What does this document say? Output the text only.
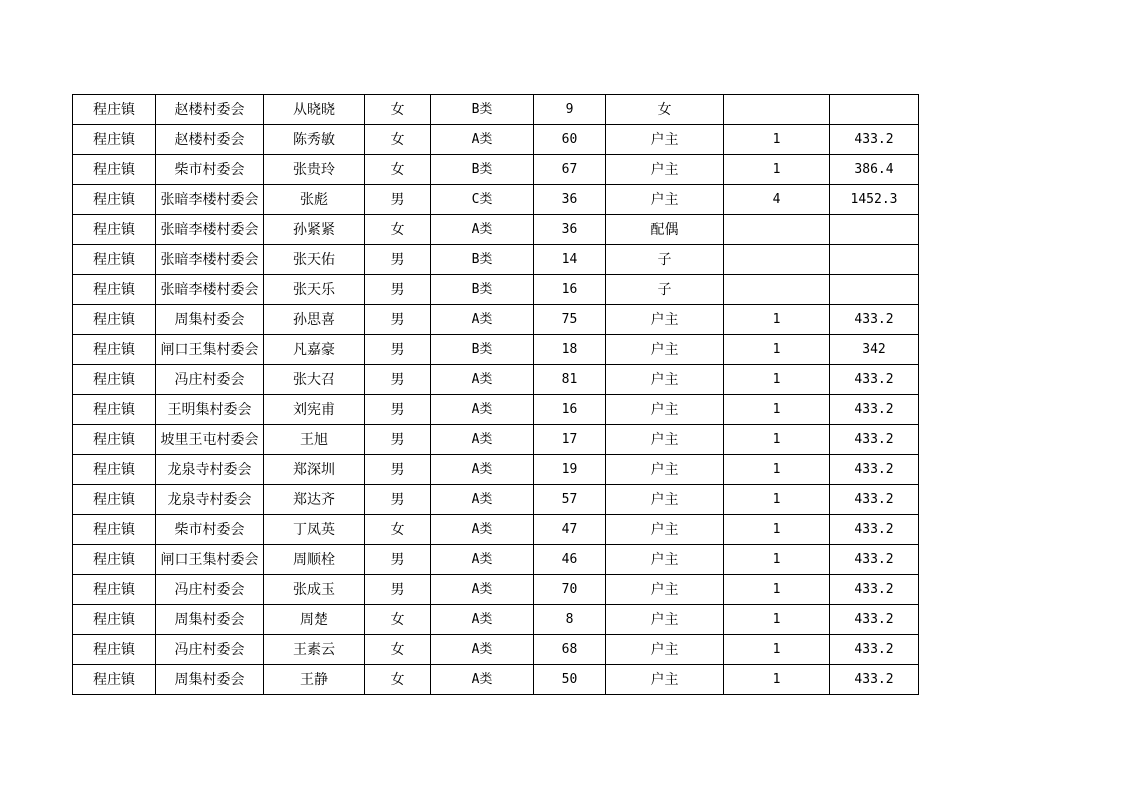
程庄镇	赵楼村委会	从晓晓	女	B类	9	女		
程庄镇	赵楼村委会	陈秀敏	女	A类	60	户主	1	433.2
程庄镇	柴市村委会	张贵玲	女	B类	67	户主	1	386.4
程庄镇	张暗李楼村委会	张彪	男	C类	36	户主	4	1452.3
程庄镇	张暗李楼村委会	孙紧紧	女	A类	36	配偶		
程庄镇	张暗李楼村委会	张天佑	男	B类	14	子		
程庄镇	张暗李楼村委会	张天乐	男	B类	16	子		
程庄镇	周集村委会	孙思喜	男	A类	75	户主	1	433.2
程庄镇	闸口王集村委会	凡嘉豪	男	B类	18	户主	1	342
程庄镇	冯庄村委会	张大召	男	A类	81	户主	1	433.2
程庄镇	王明集村委会	刘宪甫	男	A类	16	户主	1	433.2
程庄镇	坡里王屯村委会	王旭	男	A类	17	户主	1	433.2
程庄镇	龙泉寺村委会	郑深圳	男	A类	19	户主	1	433.2
程庄镇	龙泉寺村委会	郑达齐	男	A类	57	户主	1	433.2
程庄镇	柴市村委会	丁凤英	女	A类	47	户主	1	433.2
程庄镇	闸口王集村委会	周顺栓	男	A类	46	户主	1	433.2
程庄镇	冯庄村委会	张成玉	男	A类	70	户主	1	433.2
程庄镇	周集村委会	周楚	女	A类	8	户主	1	433.2
程庄镇	冯庄村委会	王素云	女	A类	68	户主	1	433.2
程庄镇	周集村委会	王静	女	A类	50	户主	1	433.2
